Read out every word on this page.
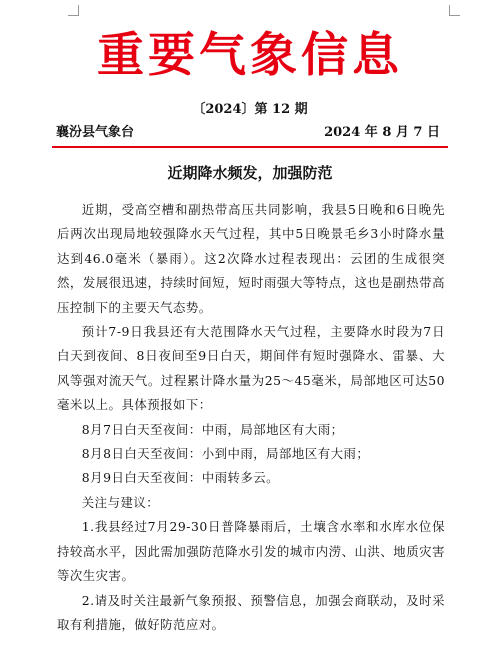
重要气象信息
〔2024〕第 12 期
襄汾县气象台	2024 年 8 月 7 日
近期降水频发，加强防范

近期，受高空槽和副热带高压共同影响，我县5日晚和6日晚先后两次出现局地较强降水天气过程，其中5日晚景毛乡3小时降水量达到46.0毫米（暴雨）。这2次降水过程表现出：云团的生成很突然，发展很迅速，持续时间短，短时雨强大等特点，这也是副热带高压控制下的主要天气态势。

预计7-9日我县还有大范围降水天气过程，主要降水时段为7日白天到夜间、8日夜间至9日白天，期间伴有短时强降水、雷暴、大风等强对流天气。过程累计降水量为25～45毫米，局部地区可达50毫米以上。具体预报如下：

8月7日白天至夜间：中雨，局部地区有大雨；

8月8日白天至夜间：小到中雨，局部地区有大雨；

8月9日白天至夜间：中雨转多云。

关注与建议：

1.我县经过7月29-30日普降暴雨后，土壤含水率和水库水位保持较高水平，因此需加强防范降水引发的城市内涝、山洪、地质灾害等次生灾害。

2.请及时关注最新气象预报、预警信息，加强会商联动，及时采取有利措施，做好防范应对。
